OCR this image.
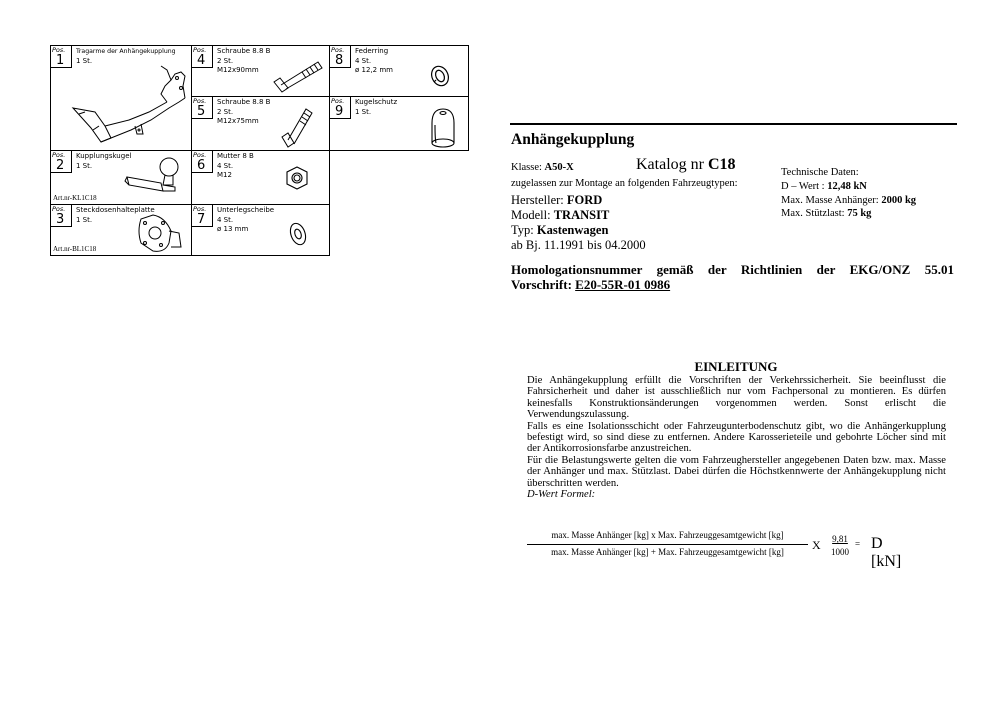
Pos.
1
Tragarme der Anhängekupplung
1 St.
Pos.
4
Schraube 8.8 B
2 St.
M12x90mm
Pos.
8
Federring
4 St.
ø 12,2 mm
Pos.
5
Schraube 8.8 B
2 St.
M12x75mm
Pos.
9
Kugelschutz
1 St.
Pos.
2
Kupplungskugel
1 St.
Art.nr-KL1C18
Pos.
6
Mutter 8 B
4 St.
M12
Pos.
3
Steckdosenhalteplatte
1 St.
Art.nr-BL1C18
Pos.
7
Unterlegscheibe
4 St.
ø 13 mm
Anhängekupplung
Klasse: A50-X	Katalog nr C18
zugelassen zur Montage an folgenden Fahrzeugtypen:
Hersteller: FORD
Modell: TRANSIT
Typ: Kastenwagen
ab Bj. 11.1991 bis 04.2000
Technische Daten:
D – Wert : 12,48 kN
Max. Masse Anhänger: 2000 kg
Max. Stützlast: 75 kg
Homologationsnummer gemäß der Richtlinien der EKG/ONZ 55.01
Vorschrift: E20-55R-01 0986
EINLEITUNG

Die Anhängekupplung erfüllt die Vorschriften der Verkehrssicherheit. Sie beeinflusst die Fahrsicherheit und daher ist ausschließlich nur vom Fachpersonal zu montieren. Es dürfen keinesfalls Konstruktionsänderungen vorgenommen werden. Sonst erlischt die Verwendungszulassung.

Falls es eine Isolationsschicht oder Fahrzeugunterbodenschutz gibt, wo die Anhängerkupplung befestigt wird, so sind diese zu entfernen. Andere Karosserieteile und gebohrte Löcher sind mit der Antikorrosionsfarbe anzustreichen.

Für die Belastungswerte gelten die vom Fahrzeughersteller angegebenen Daten bzw. max. Masse der Anhänger und max. Stützlast. Dabei dürfen die Höchstkennwerte der Anhängekupplung nicht überschritten werden.

D-Wert Formel:

max. Masse Anhänger [kg] x Max. Fahrzeuggesamtgewicht [kg]
max. Masse Anhänger [kg] + Max. Fahrzeuggesamtgewicht [kg]	X	9,81
1000
= D [kN]
